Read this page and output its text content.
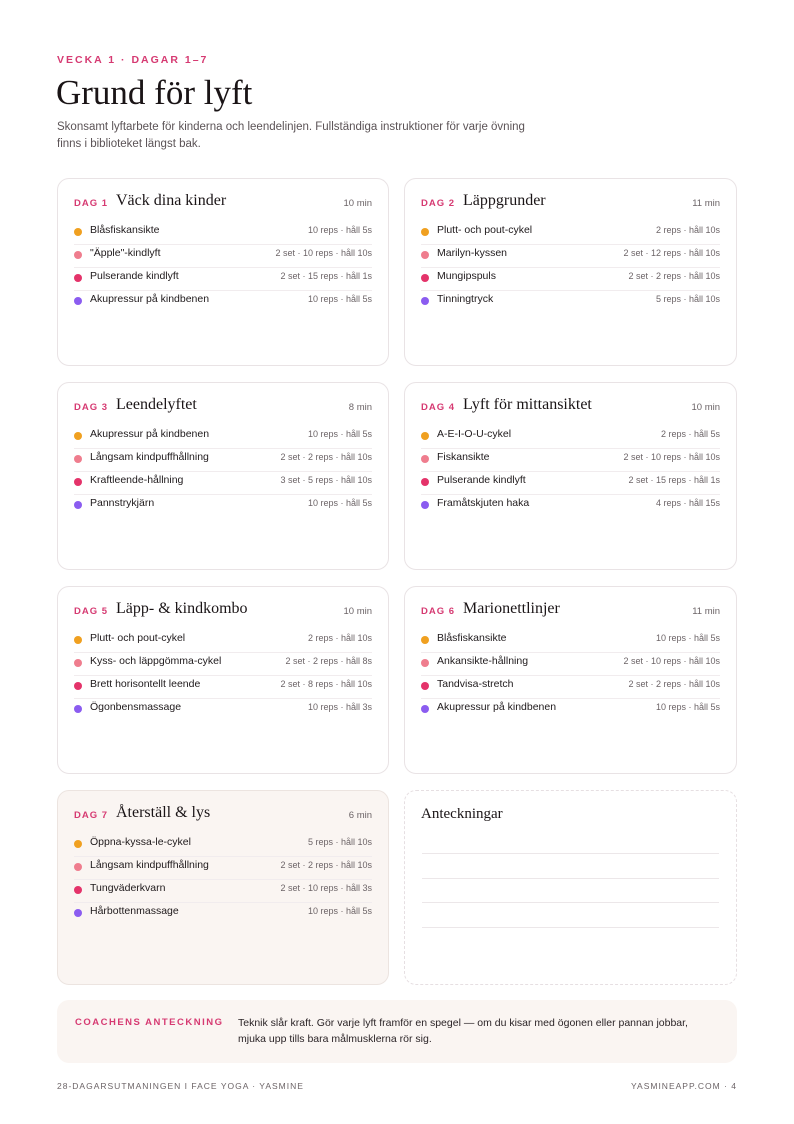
VECKA 1 · DAGAR 1–7
Grund för lyft

Skonsamt lyftarbete för kinderna och leendelinjen. Fullständiga instruktioner för varje övning finns i biblioteket längst bak.

DAG 1 Väck dina kinder	10 min
Blåsfiskansikte	10 reps · håll 5s
"Äpple"-kindlyft	2 set · 10 reps · håll 10s
Pulserande kindlyft	2 set · 15 reps · håll 1s
Akupressur på kindbenen	10 reps · håll 5s
DAG 2 Läppgrunder	11 min
Plutt- och pout-cykel	2 reps · håll 10s
Marilyn-kyssen	2 set · 12 reps · håll 10s
Mungipspuls	2 set · 2 reps · håll 10s
Tinningtryck	5 reps · håll 10s
DAG 3 Leendelyftet	8 min
Akupressur på kindbenen	10 reps · håll 5s
Långsam kindpuffhållning	2 set · 2 reps · håll 10s
Kraftleende-hållning	3 set · 5 reps · håll 10s
Pannstrykjärn	10 reps · håll 5s
DAG 4 Lyft för mittansiktet	10 min
A-E-I-O-U-cykel	2 reps · håll 5s
Fiskansikte	2 set · 10 reps · håll 10s
Pulserande kindlyft	2 set · 15 reps · håll 1s
Framåtskjuten haka	4 reps · håll 15s
DAG 5 Läpp- & kindkombo	10 min
Plutt- och pout-cykel	2 reps · håll 10s
Kyss- och läppgömma-cykel	2 set · 2 reps · håll 8s
Brett horisontellt leende	2 set · 8 reps · håll 10s
Ögonbensmassage	10 reps · håll 3s
DAG 6 Marionettlinjer	11 min
Blåsfiskansikte	10 reps · håll 5s
Ankansikte-hållning	2 set · 10 reps · håll 10s
Tandvisa-stretch	2 set · 2 reps · håll 10s
Akupressur på kindbenen	10 reps · håll 5s
DAG 7 Återställ & lys	6 min
Öppna-kyssa-le-cykel	5 reps · håll 10s
Långsam kindpuffhållning	2 set · 2 reps · håll 10s
Tungväderkvarn	2 set · 10 reps · håll 3s
Hårbottenmassage	10 reps · håll 5s
Anteckningar
COACHENS ANTECKNING Teknik slår kraft. Gör varje lyft framför en spegel — om du kisar med ögonen eller pannan jobbar, mjuka upp tills bara målmusklerna rör sig.

28-DAGARSUTMANINGEN I FACE YOGA · YASMINE	YASMINEAPP.COM · 4
